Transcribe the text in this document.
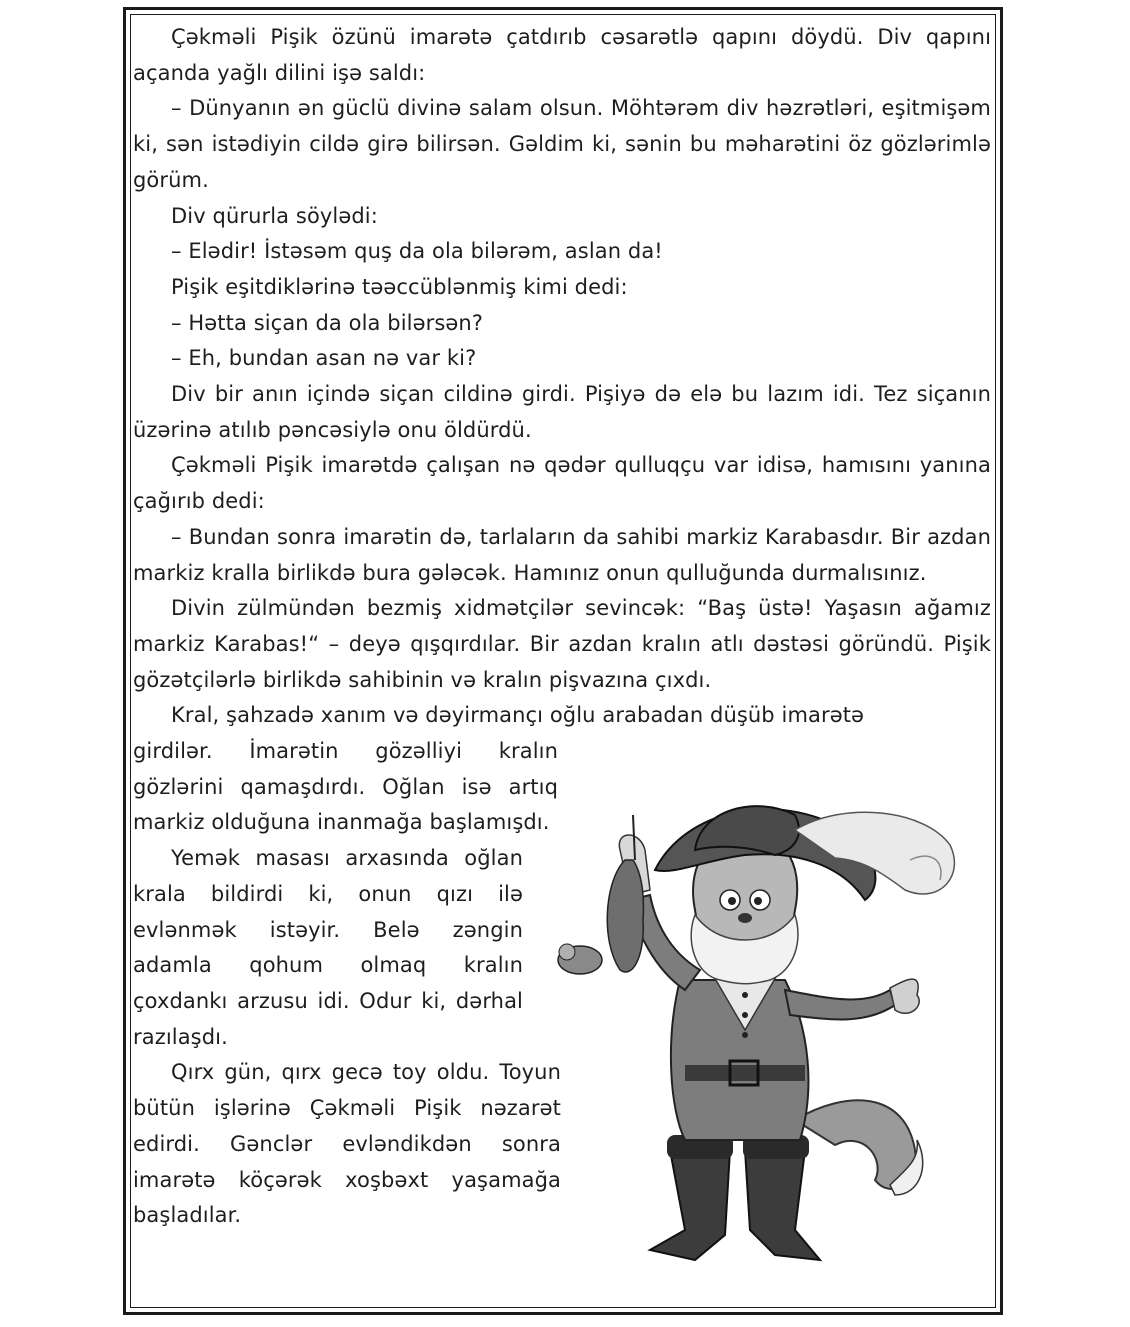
Çəkməli Pişik özünü imarətə çatdırıb cəsarətlə qapını döydü. Div qapını açanda yağlı dilini işə saldı:

– Dünyanın ən güclü divinə salam olsun. Möhtərəm div həzrətləri, eşitmişəm ki, sən istədiyin cildə girə bilirsən. Gəldim ki, sənin bu məharətini öz gözlərimlə görüm.

Div qürurla söylədi:

– Elədir! İstəsəm quş da ola bilərəm, aslan da!

Pişik eşitdiklərinə təəccüblənmiş kimi dedi:

– Hətta siçan da ola bilərsən?

– Eh, bundan asan nə var ki?

Div bir anın içində siçan cildinə girdi. Pişiyə də elə bu lazım idi. Tez siçanın üzərinə atılıb pəncəsiylə onu öldürdü.

Çəkməli Pişik imarətdə çalışan nə qədər qulluqçu var idisə, hamısını yanına çağırıb dedi:

– Bundan sonra imarətin də, tarlaların da sahibi markiz Karabasdır. Bir azdan markiz kralla birlikdə bura gələcək. Hamınız onun qulluğunda durmalısınız.

Divin zülmündən bezmiş xidmətçilər sevincək: “Baş üstə! Yaşasın ağamız markiz Karabas!“ – deyə qışqırdılar. Bir azdan kralın atlı dəstəsi göründü. Pişik gözətçilərlə birlikdə sahibinin və kralın pişvazına çıxdı.

Kral, şahzadə xanım və dəyirmançı oğlu arabadan düşüb imarətə

girdilər. İmarətin gözəlliyi kralın gözlərini qamaşdırdı. Oğlan isə artıq markiz olduğuna inanmağa başlamışdı.

Yemək masası arxasında oğlan krala bildirdi ki, onun qızı ilə evlənmək istəyir. Belə zəngin adamla qohum olmaq kralın çoxdankı arzusu idi. Odur ki, dərhal razılaşdı.

Qırx gün, qırx gecə toy oldu. Toyun bütün işlərinə Çəkməli Pişik nəzarət edirdi. Gənclər evləndikdən sonra imarətə köçərək xoşbəxt yaşamağa başladılar.
